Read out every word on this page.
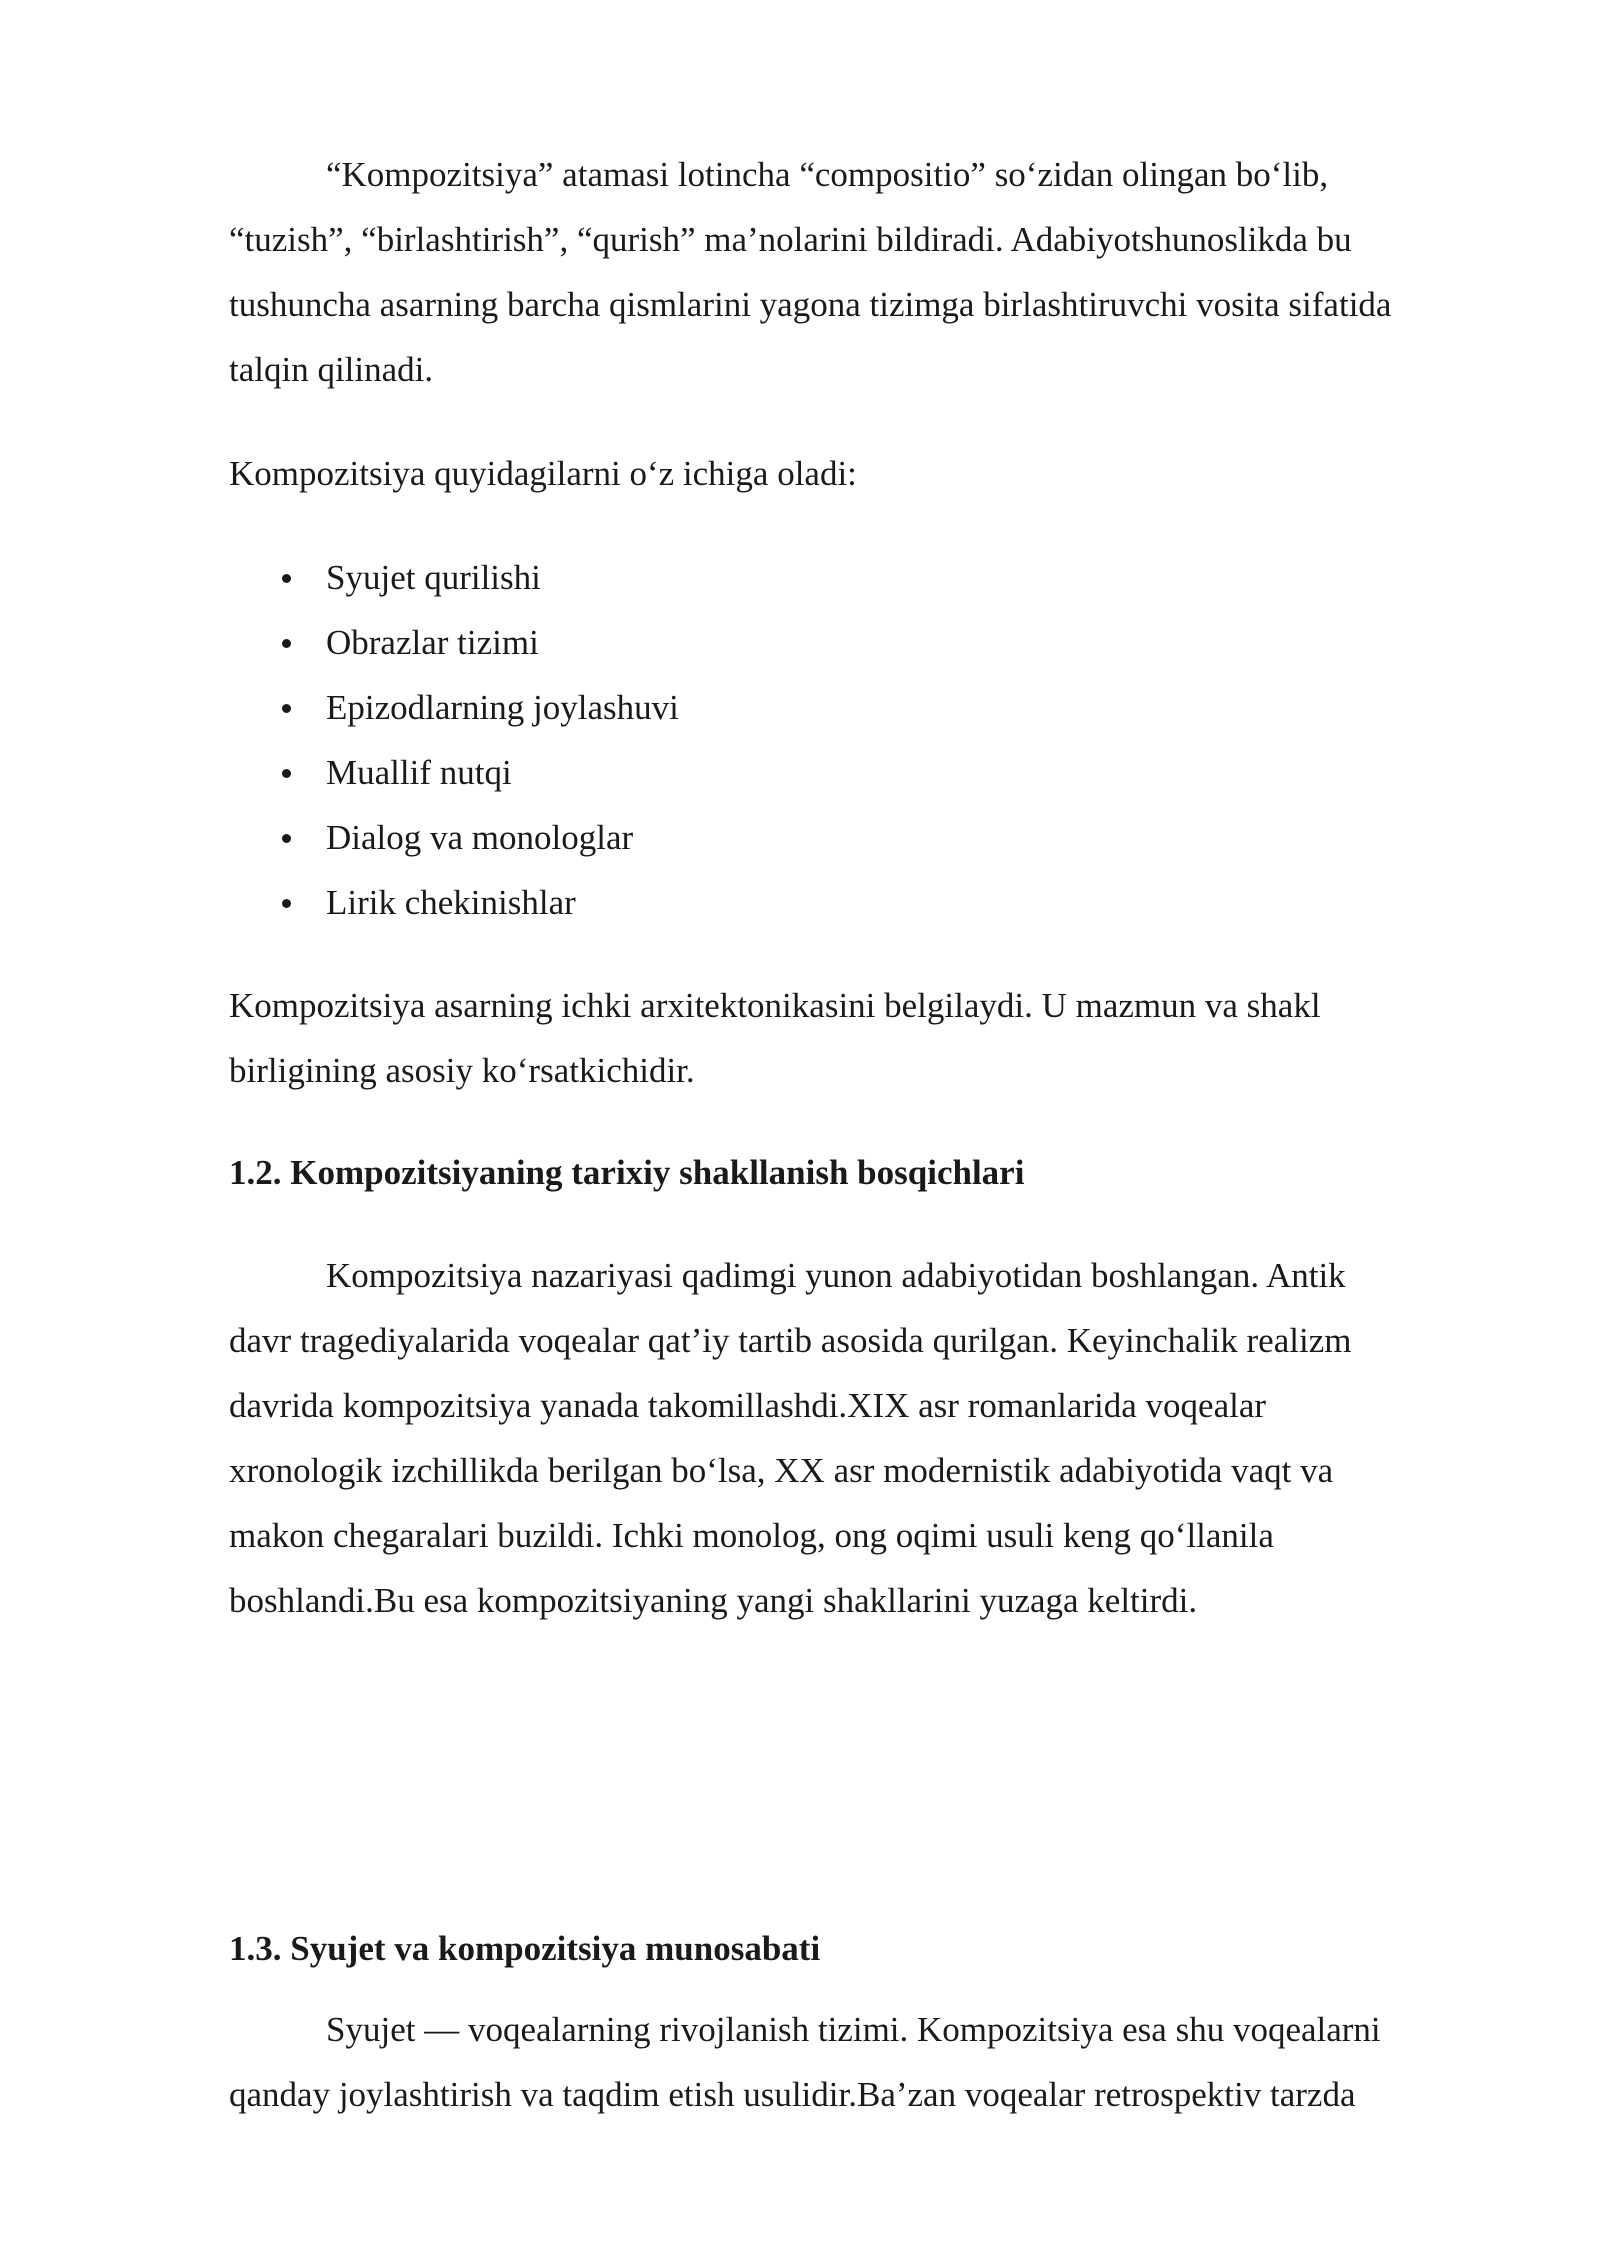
“Kompozitsiya” atamasi lotincha “compositio” so‘zidan olingan bo‘lib,
“tuzish”, “birlashtirish”, “qurish” ma’nolarini bildiradi. Adabiyotshunoslikda bu
tushuncha asarning barcha qismlarini yagona tizimga birlashtiruvchi vosita sifatida
talqin qilinadi.
Kompozitsiya quyidagilarni o‘z ichiga oladi:
Syujet qurilishi
Obrazlar tizimi
Epizodlarning joylashuvi
Muallif nutqi
Dialog va monologlar
Lirik chekinishlar
Kompozitsiya asarning ichki arxitektonikasini belgilaydi. U mazmun va shakl
birligining asosiy ko‘rsatkichidir.
1.2. Kompozitsiyaning tarixiy shakllanish bosqichlari
Kompozitsiya nazariyasi qadimgi yunon adabiyotidan boshlangan. Antik
davr tragediyalarida voqealar qat’iy tartib asosida qurilgan. Keyinchalik realizm
davrida kompozitsiya yanada takomillashdi.XIX asr romanlarida voqealar
xronologik izchillikda berilgan bo‘lsa, XX asr modernistik adabiyotida vaqt va
makon chegaralari buzildi. Ichki monolog, ong oqimi usuli keng qo‘llanila
boshlandi.Bu esa kompozitsiyaning yangi shakllarini yuzaga keltirdi.
1.3. Syujet va kompozitsiya munosabati
Syujet — voqealarning rivojlanish tizimi. Kompozitsiya esa shu voqealarni
qanday joylashtirish va taqdim etish usulidir.Ba’zan voqealar retrospektiv tarzda
